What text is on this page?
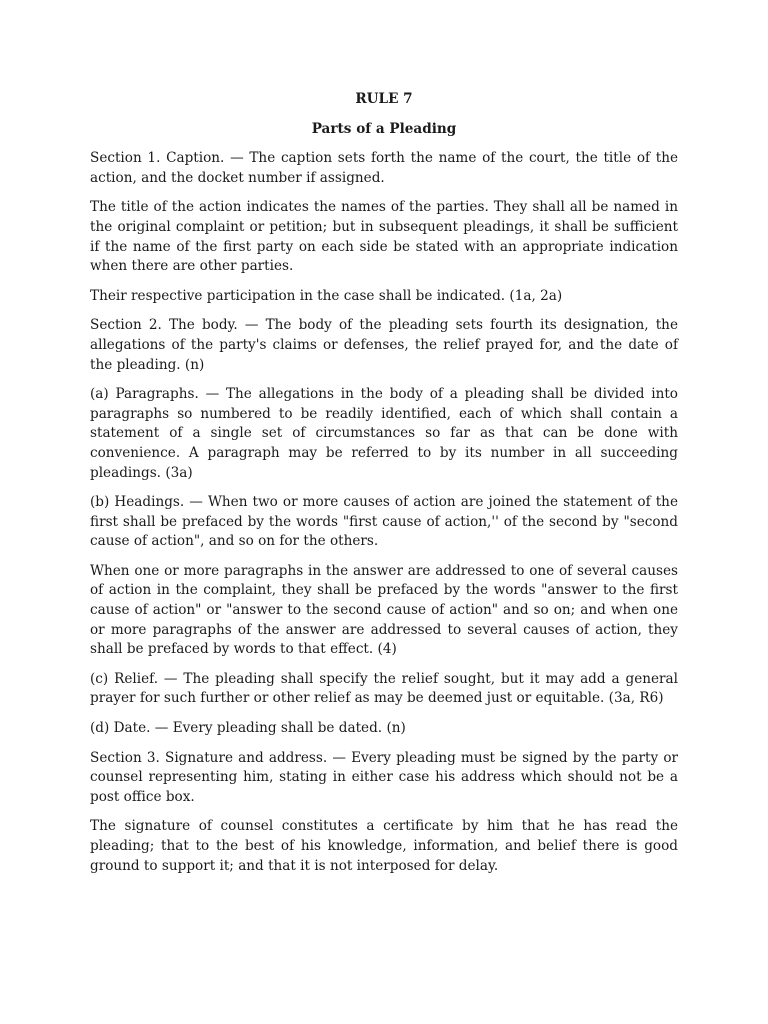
RULE 7

Parts of a Pleading

Section 1. Caption. — The caption sets forth the name of the court, the title of the action, and the docket number if assigned.

The title of the action indicates the names of the parties. They shall all be named in the original complaint or petition; but in subsequent pleadings, it shall be sufficient if the name of the first party on each side be stated with an appropriate indication when there are other parties.

Their respective participation in the case shall be indicated. (1a, 2a)

Section 2. The body. — The body of the pleading sets fourth its designation, the allegations of the party's claims or defenses, the relief prayed for, and the date of the pleading. (n)

(a) Paragraphs. — The allegations in the body of a pleading shall be divided into paragraphs so numbered to be readily identified, each of which shall contain a statement of a single set of circumstances so far as that can be done with convenience. A paragraph may be referred to by its number in all succeeding pleadings. (3a)

(b) Headings. — When two or more causes of action are joined the statement of the first shall be prefaced by the words "first cause of action,'' of the second by "second cause of action", and so on for the others.

When one or more paragraphs in the answer are addressed to one of several causes of action in the complaint, they shall be prefaced by the words "answer to the first cause of action" or "answer to the second cause of action" and so on; and when one or more paragraphs of the answer are addressed to several causes of action, they shall be prefaced by words to that effect. (4)

(c) Relief. — The pleading shall specify the relief sought, but it may add a general prayer for such further or other relief as may be deemed just or equitable. (3a, R6)

(d) Date. — Every pleading shall be dated. (n)

Section 3. Signature and address. — Every pleading must be signed by the party or counsel representing him, stating in either case his address which should not be a post office box.

The signature of counsel constitutes a certificate by him that he has read the pleading; that to the best of his knowledge, information, and belief there is good ground to support it; and that it is not interposed for delay.
